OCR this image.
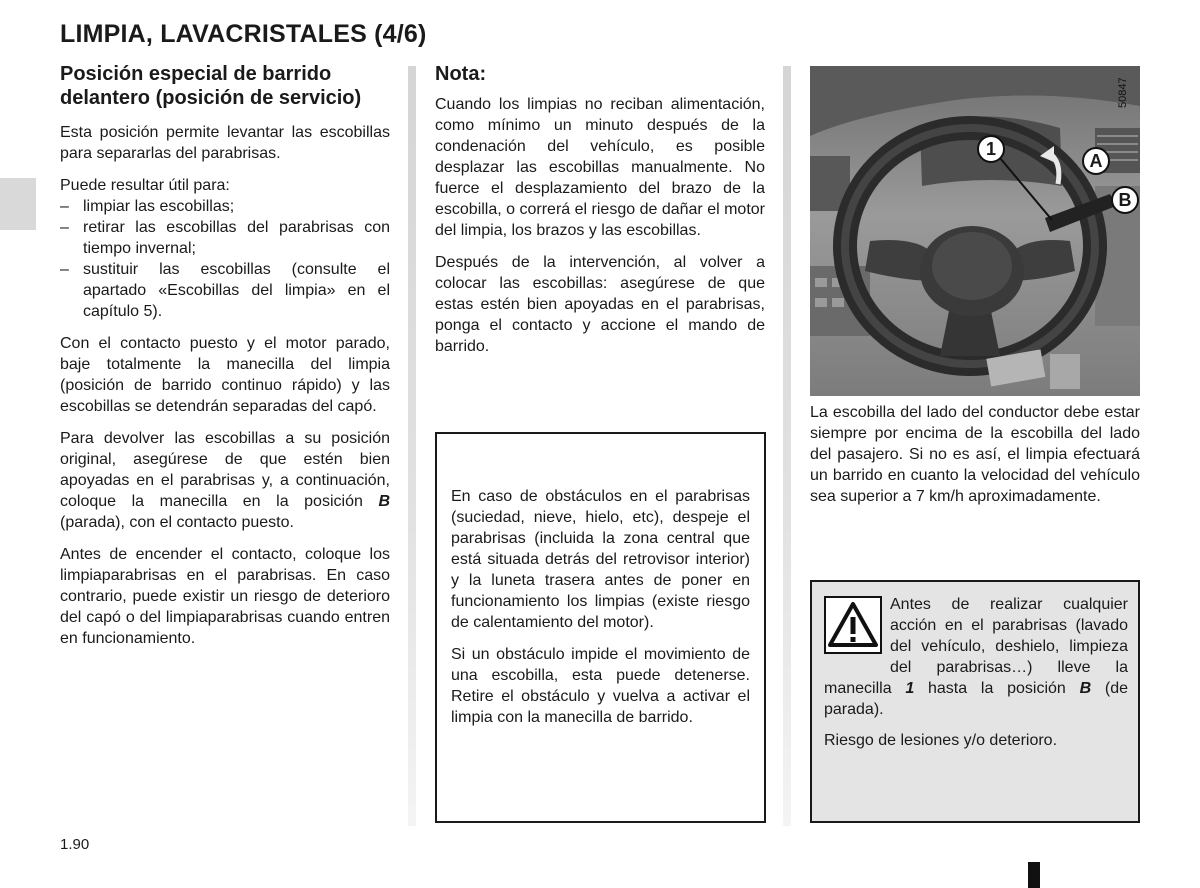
LIMPIA, LAVACRISTALES (4/6)
Posición especial de barrido delantero (posición de servicio)

Esta posición permite levantar las escobillas para separarlas del parabrisas.

Puede resultar útil para:

– limpiar las escobillas;
– retirar las escobillas del parabrisas con tiempo invernal;
– sustituir las escobillas (consulte el apartado «Escobillas del limpia» en el capítulo 5).

Con el contacto puesto y el motor parado, baje totalmente la manecilla del limpia (posición de barrido continuo rápido) y las escobillas se detendrán separadas del capó.

Para devolver las escobillas a su posición original, asegúrese de que estén bien apoyadas en el parabrisas y, a continuación, coloque la manecilla en la posición B (parada), con el contacto puesto.

Antes de encender el contacto, coloque los limpiaparabrisas en el parabrisas. En caso contrario, puede existir un riesgo de deterioro del capó o del limpiaparabrisas cuando entren en funcionamiento.

Nota:

Cuando los limpias no reciban alimentación, como mínimo un minuto después de la condenación del vehículo, es posible desplazar las escobillas manualmente. No fuerce el desplazamiento del brazo de la escobilla, o correrá el riesgo de dañar el motor del limpia, los brazos y las escobillas.

Después de la intervención, al volver a colocar las escobillas: asegúrese de que estas estén bien apoyadas en el parabrisas, ponga el contacto y accione el mando de barrido.

En caso de obstáculos en el parabrisas (suciedad, nieve, hielo, etc), despeje el parabrisas (incluida la zona central que está situada detrás del retrovisor interior) y la luneta trasera antes de poner en funcionamiento los limpias (existe riesgo de calentamiento del motor).

Si un obstáculo impide el movimiento de una escobilla, esta puede detenerse. Retire el obstáculo y vuelva a activar el limpia con la manecilla de barrido.

50847
1
A
B

La escobilla del lado del conductor debe estar siempre por encima de la escobilla del lado del pasajero. Si no es así, el limpia efectuará un barrido en cuanto la velocidad del vehículo sea superior a 7 km/h aproximadamente.

Antes de realizar cualquier acción en el parabrisas (lavado del vehículo, deshielo, limpieza del parabrisas…) lleve la manecilla 1 hasta la posición B (de parada).

Riesgo de lesiones y/o deterioro.

1.90
